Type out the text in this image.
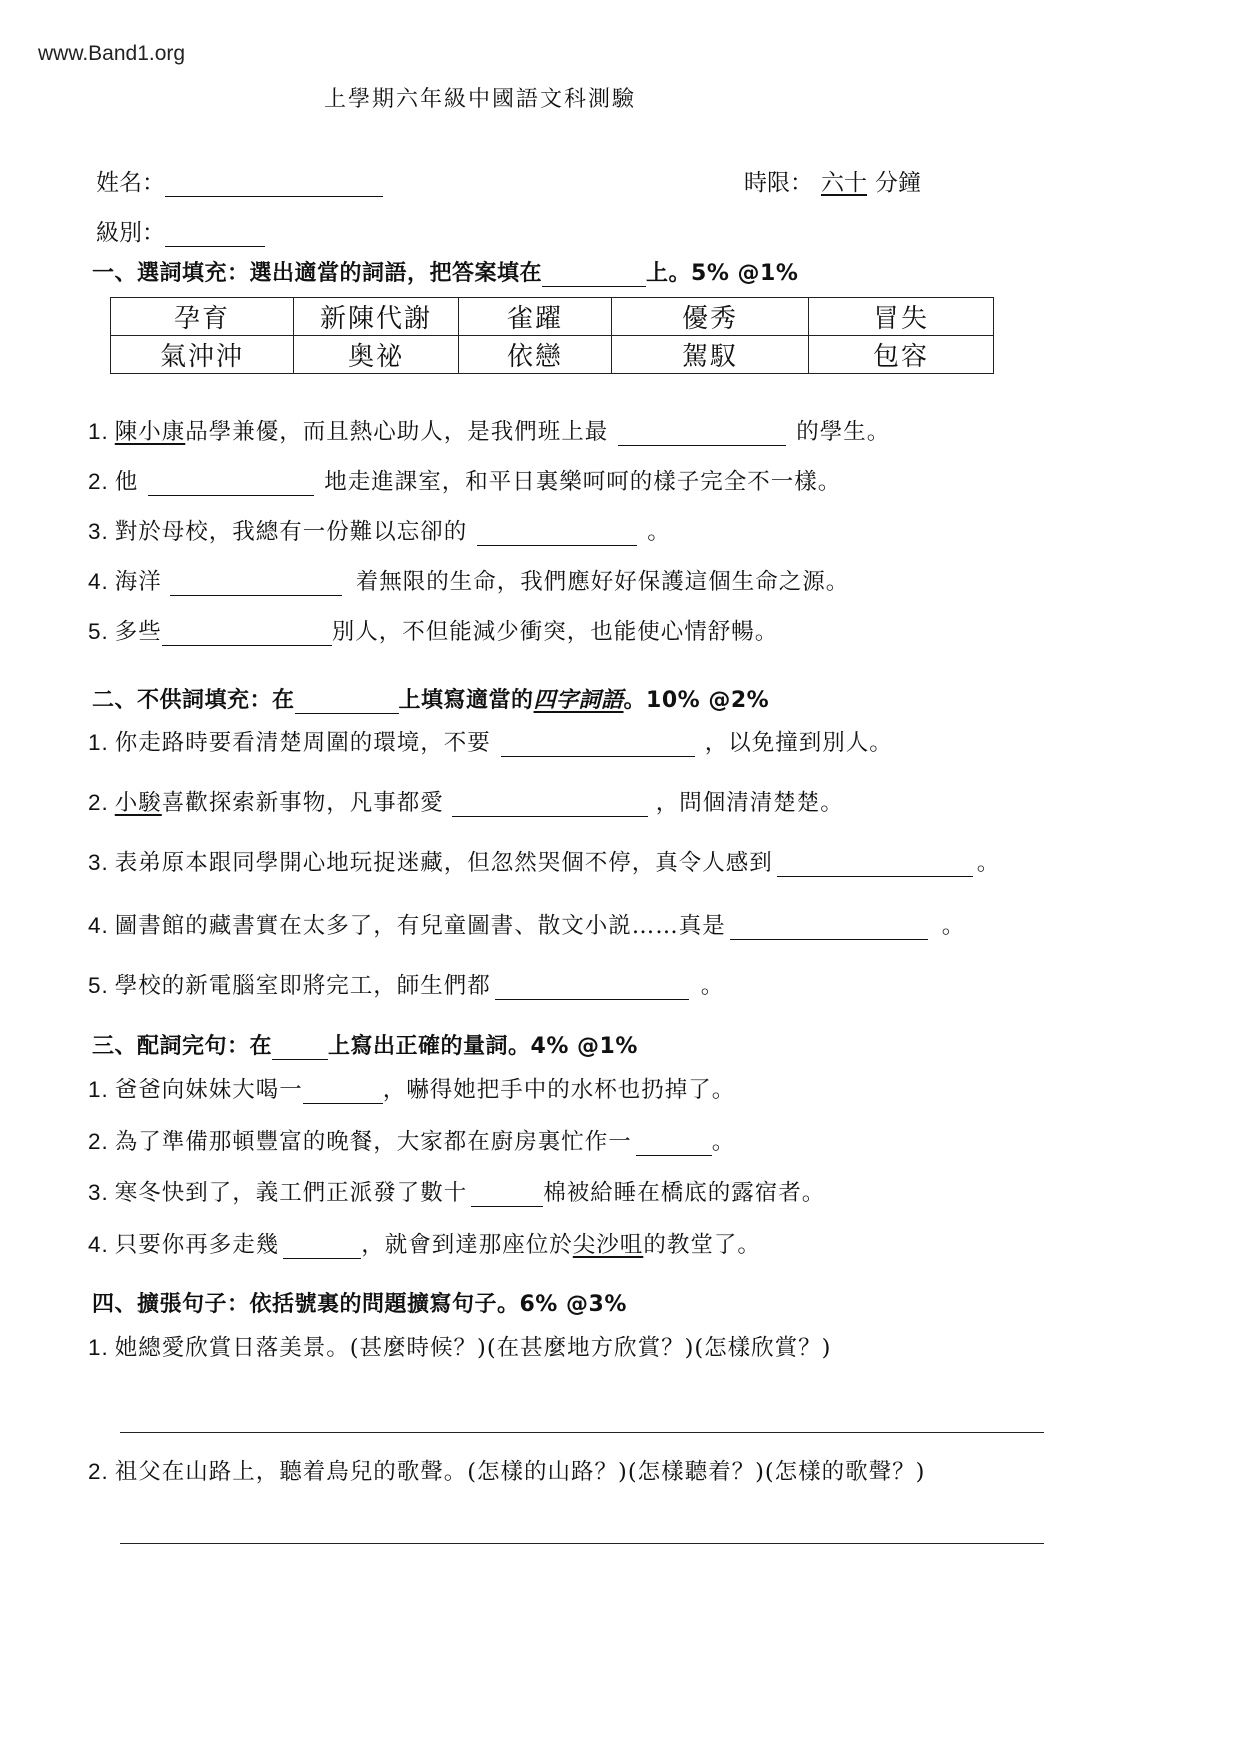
www.Band1.org
上學期六年級中國語文科測驗
姓名：	時限： 六十 分鐘
級別：
一、選詞填充：選出適當的詞語，把答案填在	上。5% @1%
孕育	新陳代謝	雀躍	優秀	冒失
氣沖沖	奥祕	依戀	駕馭	包容
1. 陳小康品學兼優，而且熱心助人，是我們班上最	的學生。
2. 他	地走進課室，和平日裏樂呵呵的樣子完全不一樣。
3. 對於母校，我總有一份難以忘卻的	。
4. 海洋	着無限的生命，我們應好好保護這個生命之源。
5. 多些	別人，不但能減少衝突，也能使心情舒暢。
二、不供詞填充：在	上填寫適當的四字詞語。10% @2%
1. 你走路時要看清楚周圍的環境，不要	，以免撞到別人。
2. 小駿喜歡探索新事物，凡事都愛	，問個清清楚楚。
3. 表弟原本跟同學開心地玩捉迷藏，但忽然哭個不停，真令人感到	。
4. 圖書館的藏書實在太多了，有兒童圖書、散文小説……真是	。
5. 學校的新電腦室即將完工，師生們都	。
三、配詞完句：在	上寫出正確的量詞。4% @1%
1. 爸爸向妹妹大喝一	，嚇得她把手中的水杯也扔掉了。
2. 為了準備那頓豐富的晚餐，大家都在廚房裏忙作一	。
3. 寒冬快到了，義工們正派發了數十	棉被給睡在橋底的露宿者。
4. 只要你再多走幾	，就會到達那座位於尖沙咀的教堂了。
四、擴張句子：依括號裏的問題擴寫句子。6% @3%
1. 她總愛欣賞日落美景。(甚麼時候？)(在甚麼地方欣賞？)(怎樣欣賞？)
2. 祖父在山路上，聽着鳥兒的歌聲。(怎樣的山路？)(怎樣聽着？)(怎樣的歌聲？)
